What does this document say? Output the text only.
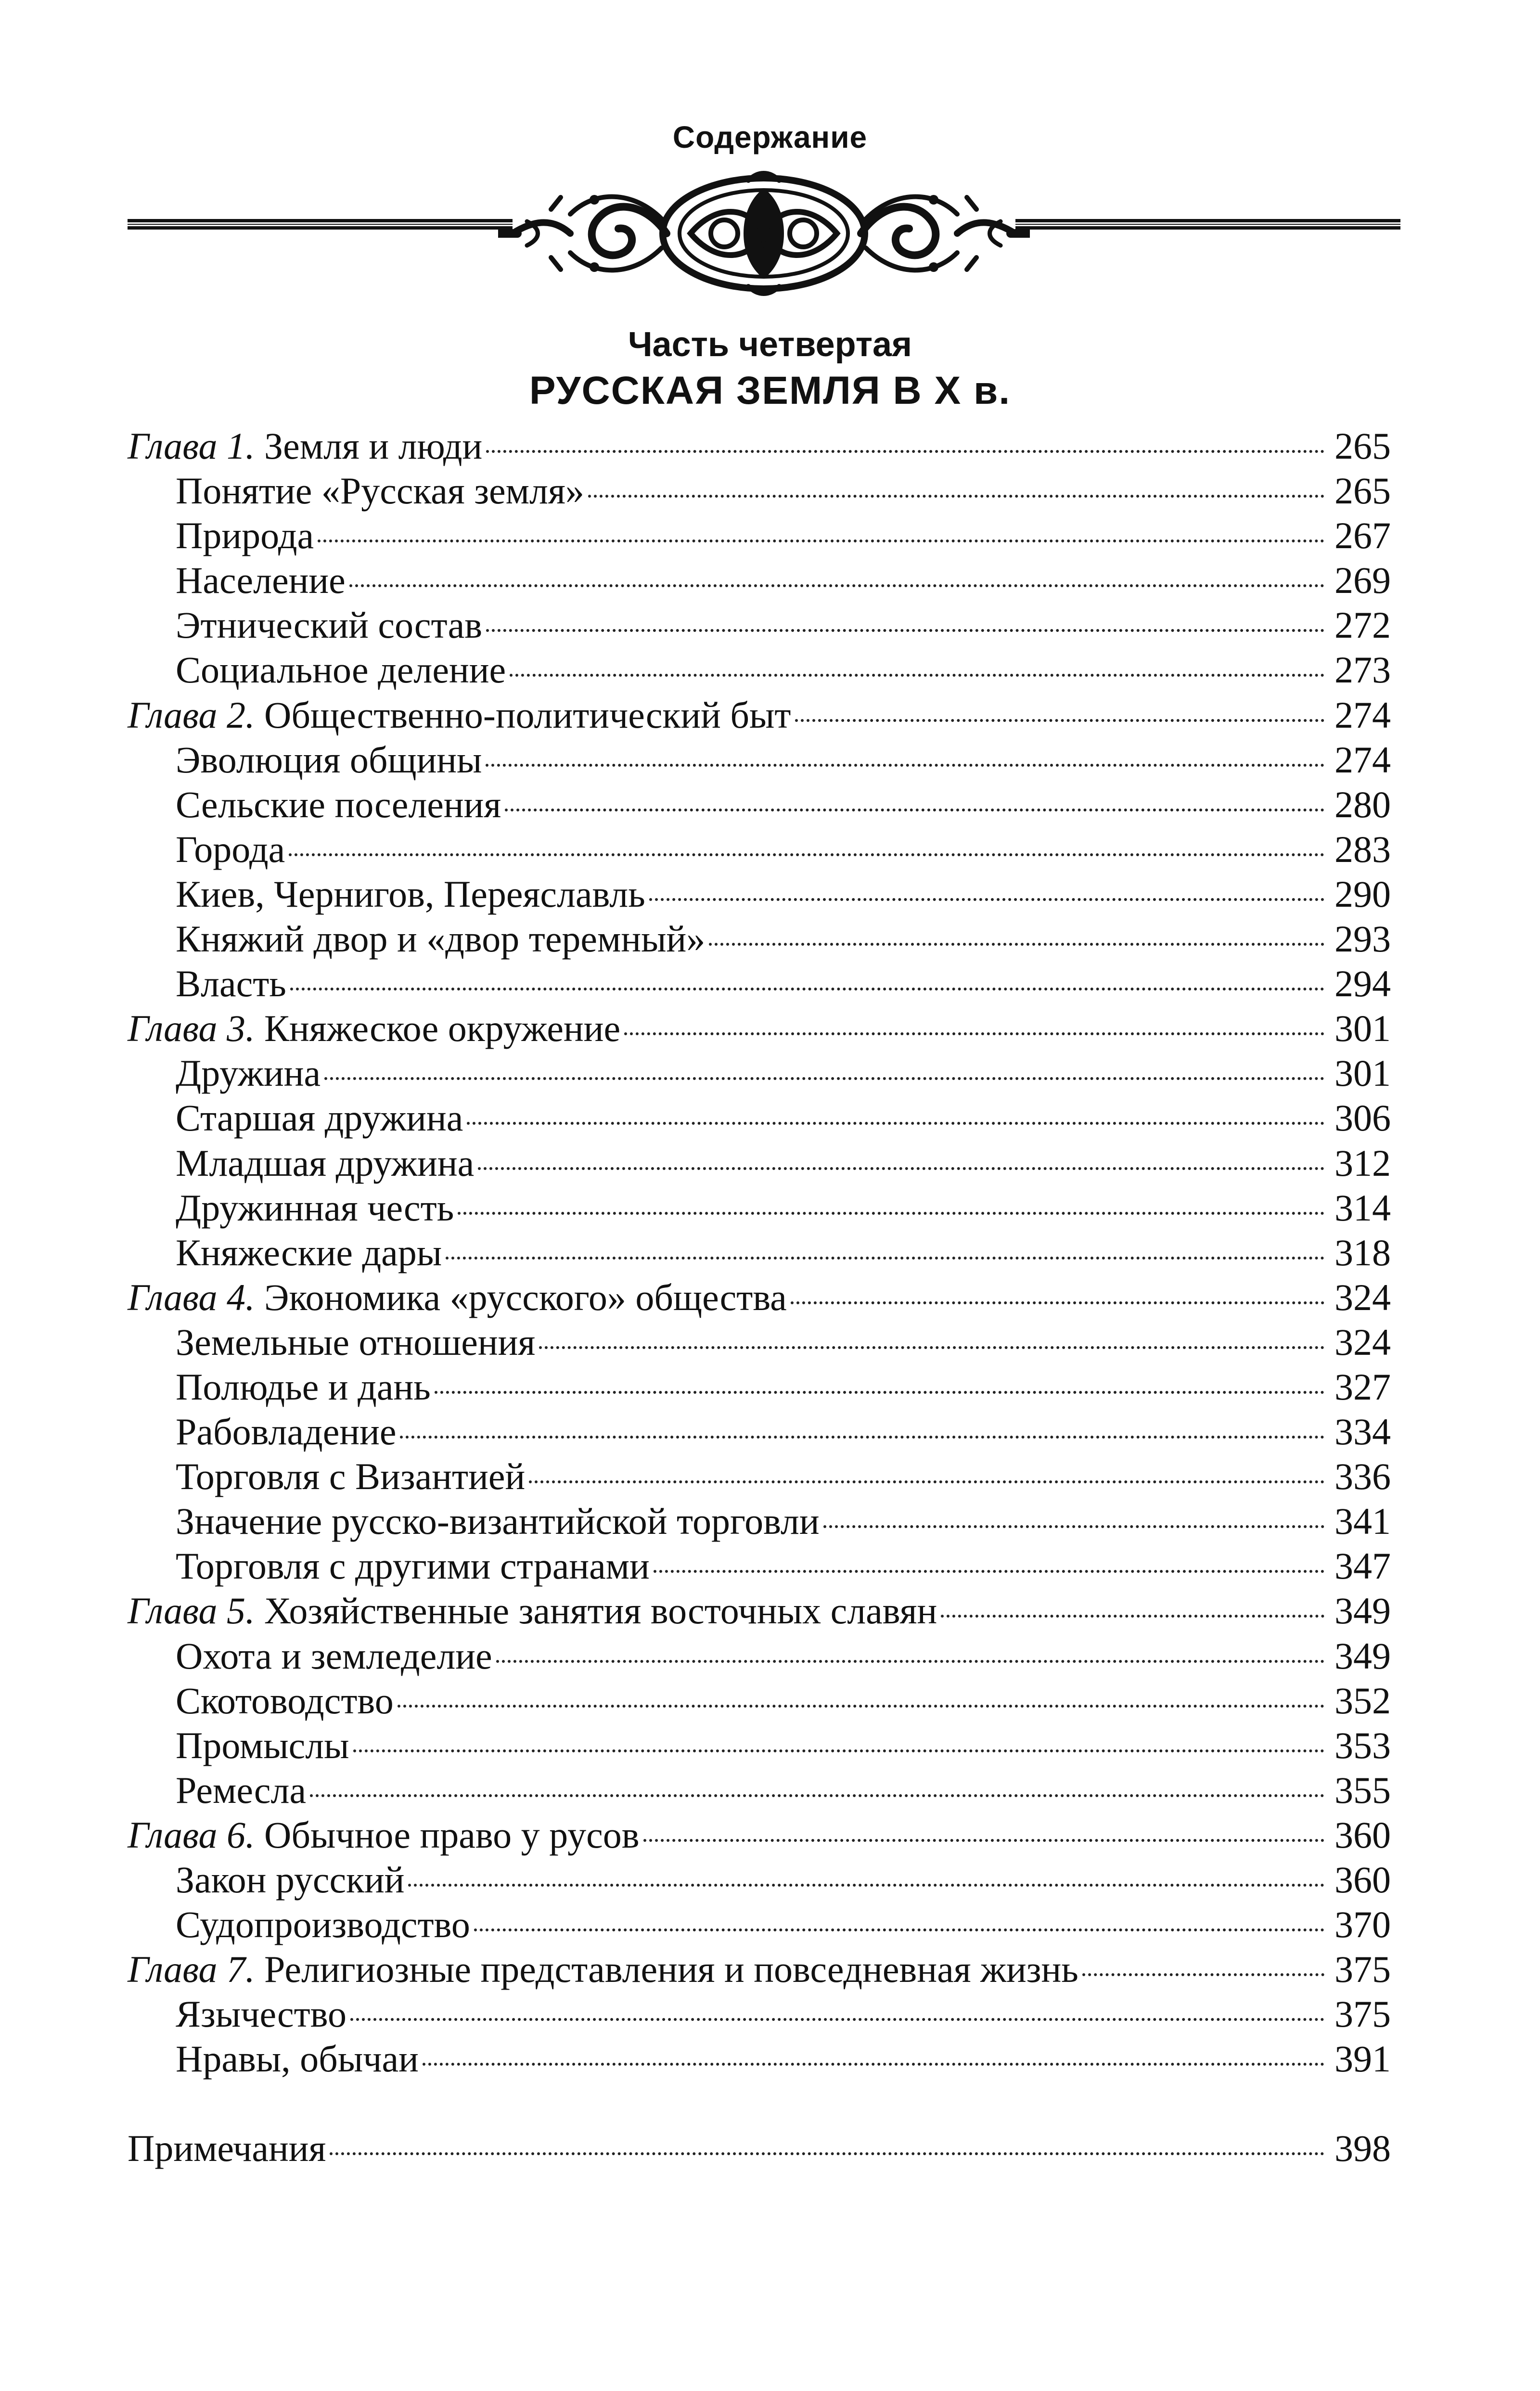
Содержание
Часть четвертая
РУССКАЯ ЗЕМЛЯ В X в.
Глава 1. Земля и люди	265
Понятие «Русская земля»	265
Природа	267
Население	269
Этнический состав	272
Социальное деление	273
Глава 2. Общественно-политический быт	274
Эволюция общины	274
Сельские поселения	280
Города	283
Киев, Чернигов, Переяславль	290
Княжий двор и «двор теремный»	293
Власть	294
Глава 3. Княжеское окружение	301
Дружина	301
Старшая дружина	306
Младшая дружина	312
Дружинная честь	314
Княжеские дары	318
Глава 4. Экономика «русского» общества	324
Земельные отношения	324
Полюдье и дань	327
Рабовладение	334
Торговля с Византией	336
Значение русско-византийской торговли	341
Торговля с другими странами	347
Глава 5. Хозяйственные занятия восточных славян	349
Охота и земледелие	349
Скотоводство	352
Промыслы	353
Ремесла	355
Глава 6. Обычное право у русов	360
Закон русский	360
Судопроизводство	370
Глава 7. Религиозные представления и повседневная жизнь	375
Язычество	375
Нравы, обычаи	391
Примечания	398
